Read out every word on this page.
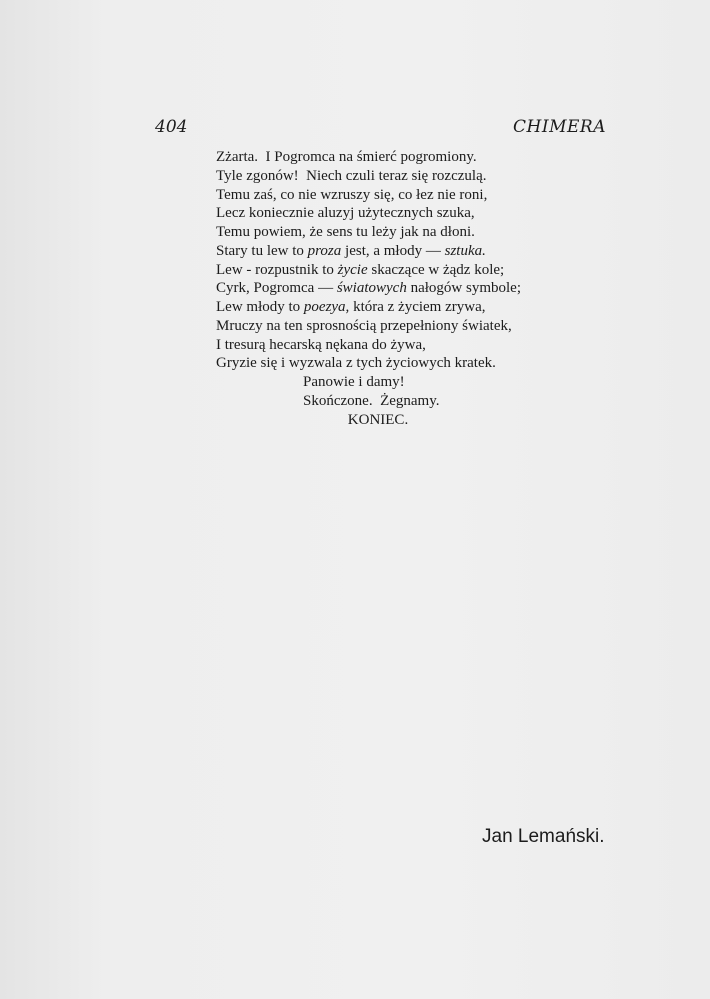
404	CHIMERA
Zżarta.  I Pogromca na śmierć pogromiony.
Tyle zgonów!  Niech czuli teraz się rozczulą.
Temu zaś, co nie wzruszy się, co łez nie roni,
Lecz koniecznie aluzyj użytecznych szuka,
Temu powiem, że sens tu leży jak na dłoni.
Stary tu lew to proza jest, a młody — sztuka.
Lew - rozpustnik to życie skaczące w żądz kole;
Cyrk, Pogromca — światowych nałogów symbole;
Lew młody to poezya, która z życiem zrywa,
Mruczy na ten sprosnością przepełniony światek,
I tresurą hecarską nękana do żywa,
Gryzie się i wyzwala z tych życiowych kratek.
Panowie i damy!
Skończone.  Żegnamy.
KONIEC.
Jan Lemański.
